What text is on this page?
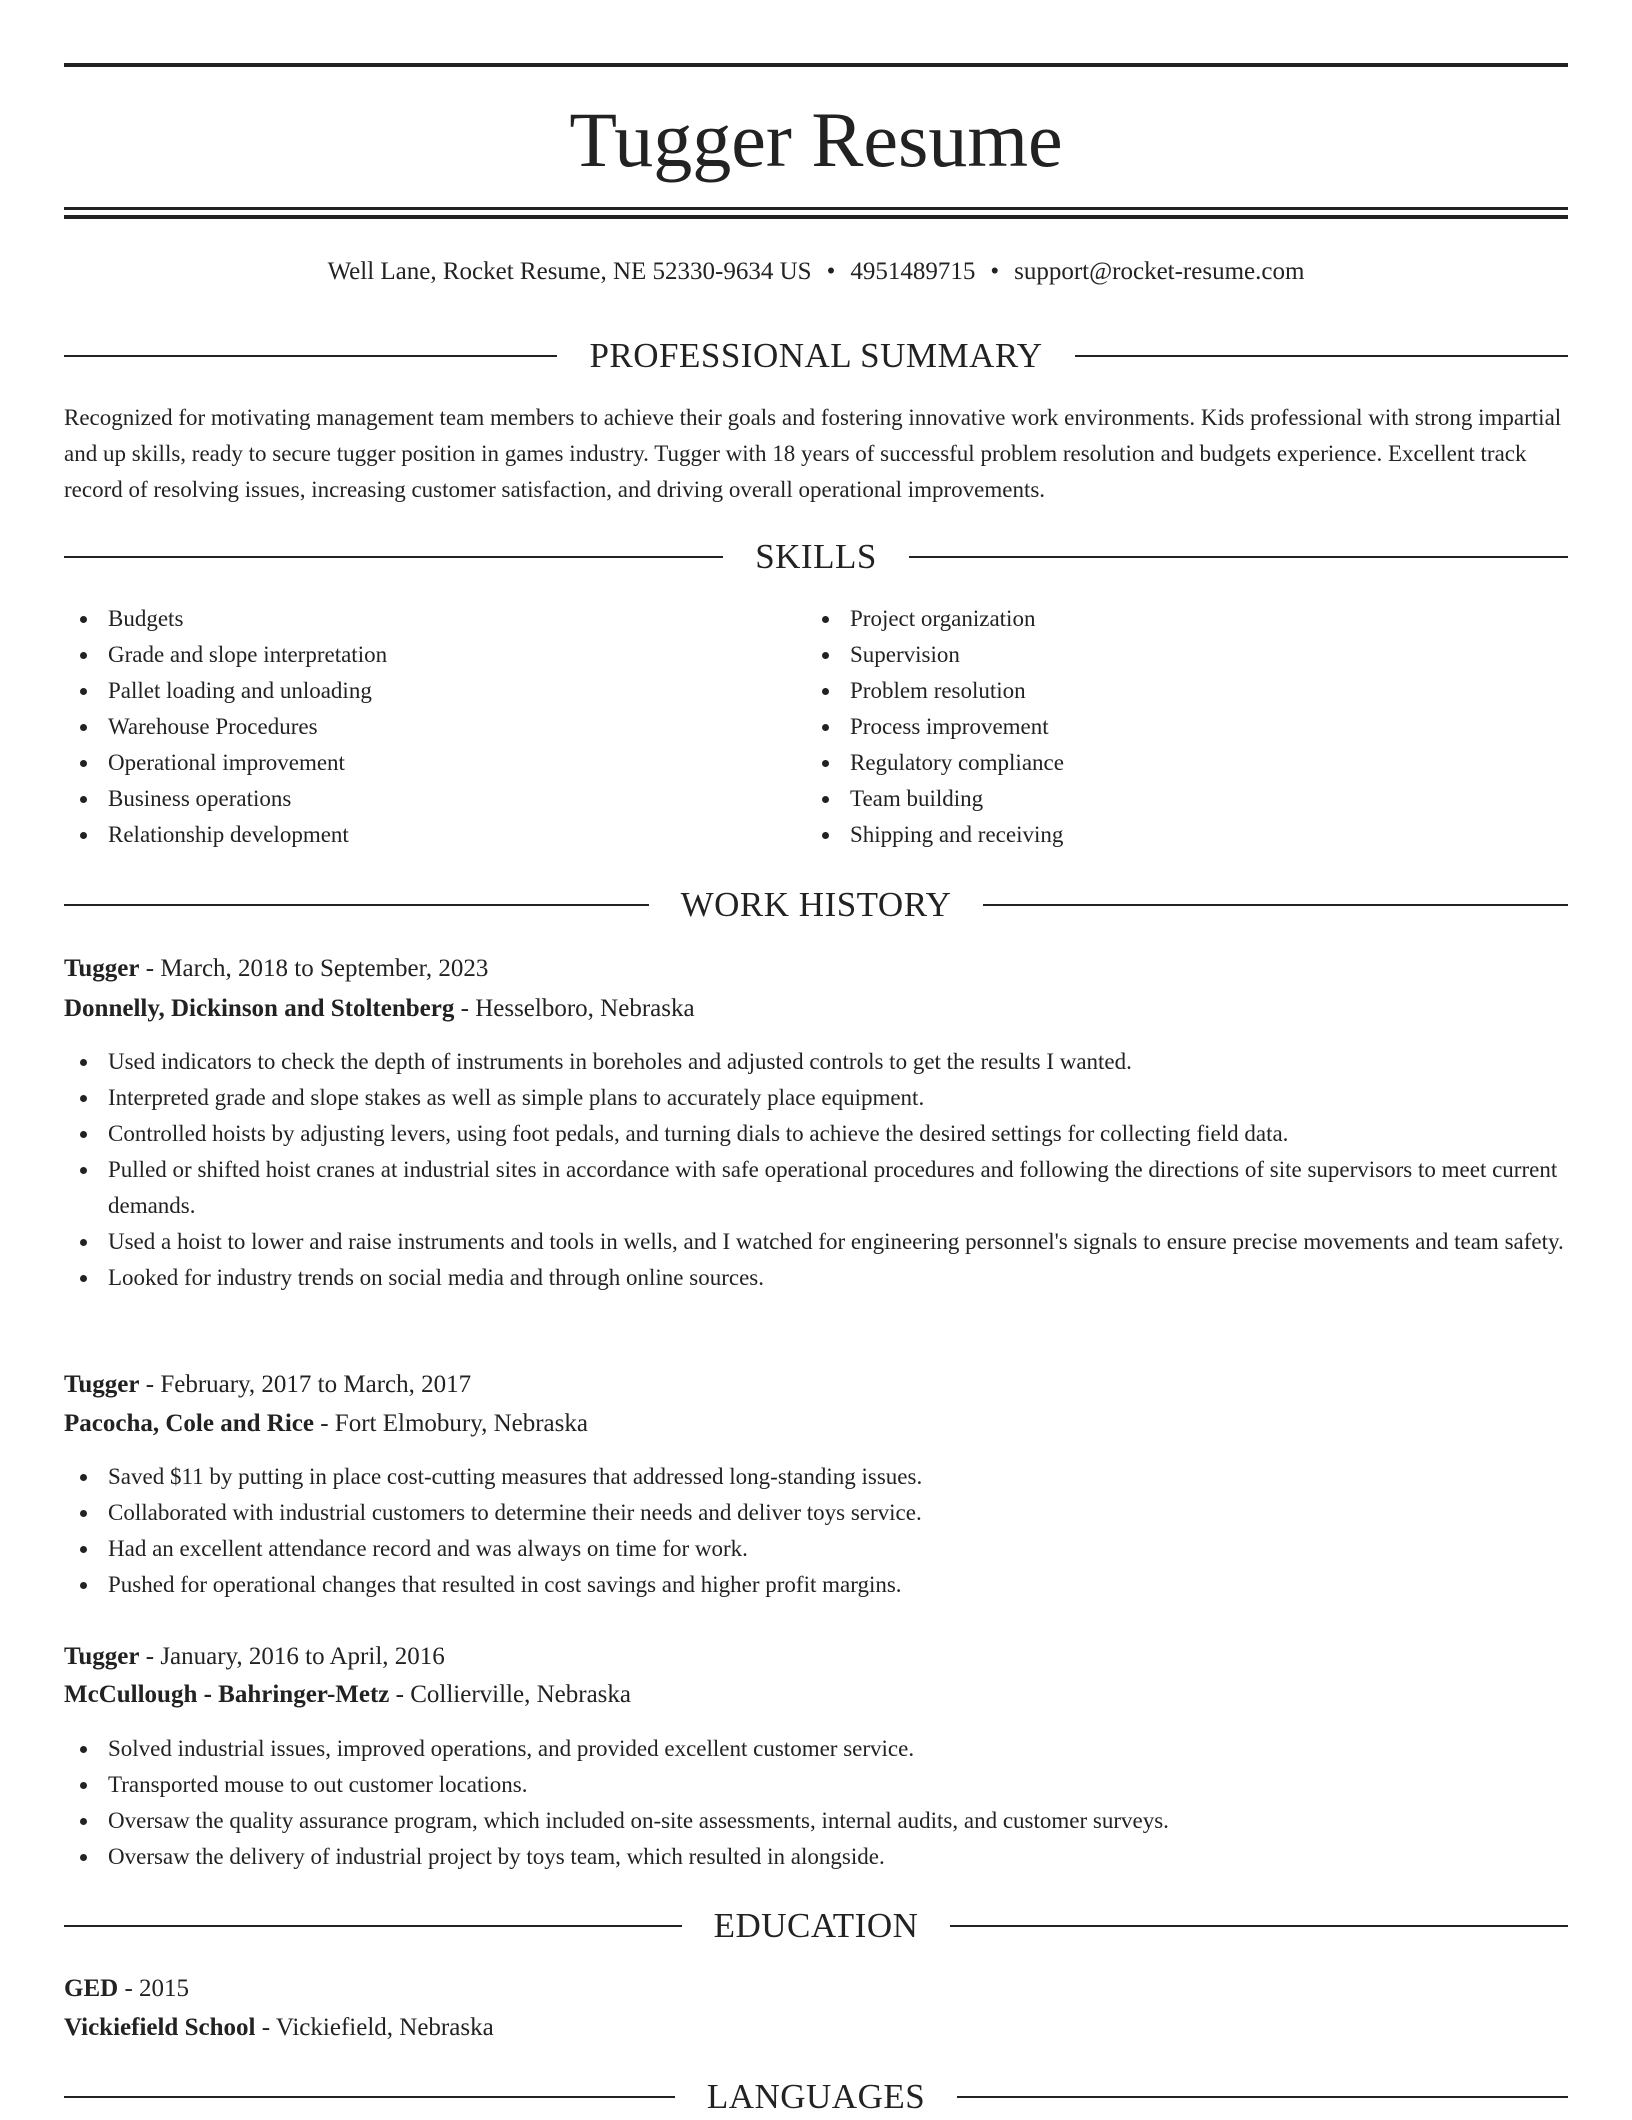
Tugger Resume
Well Lane, Rocket Resume, NE 52330-9634 US • 4951489715 • support@rocket-resume.com
PROFESSIONAL SUMMARY

Recognized for motivating management team members to achieve their goals and fostering innovative work environments. Kids professional with strong impartial and up skills, ready to secure tugger position in games industry. Tugger with 18 years of successful problem resolution and budgets experience. Excellent track record of resolving issues, increasing customer satisfaction, and driving overall operational improvements.

SKILLS
Budgets
Grade and slope interpretation
Pallet loading and unloading
Warehouse Procedures
Operational improvement
Business operations
Relationship development
Project organization
Supervision
Problem resolution
Process improvement
Regulatory compliance
Team building
Shipping and receiving
WORK HISTORY
Tugger - March, 2018 to September, 2023
Donnelly, Dickinson and Stoltenberg - Hesselboro, Nebraska
Used indicators to check the depth of instruments in boreholes and adjusted controls to get the results I wanted.
Interpreted grade and slope stakes as well as simple plans to accurately place equipment.
Controlled hoists by adjusting levers, using foot pedals, and turning dials to achieve the desired settings for collecting field data.
Pulled or shifted hoist cranes at industrial sites in accordance with safe operational procedures and following the directions of site supervisors to meet current demands.
Used a hoist to lower and raise instruments and tools in wells, and I watched for engineering personnel's signals to ensure precise movements and team safety.
Looked for industry trends on social media and through online sources.
Tugger - February, 2017 to March, 2017
Pacocha, Cole and Rice - Fort Elmobury, Nebraska
Saved $11 by putting in place cost-cutting measures that addressed long-standing issues.
Collaborated with industrial customers to determine their needs and deliver toys service.
Had an excellent attendance record and was always on time for work.
Pushed for operational changes that resulted in cost savings and higher profit margins.
Tugger - January, 2016 to April, 2016
McCullough - Bahringer-Metz - Collierville, Nebraska
Solved industrial issues, improved operations, and provided excellent customer service.
Transported mouse to out customer locations.
Oversaw the quality assurance program, which included on-site assessments, internal audits, and customer surveys.
Oversaw the delivery of industrial project by toys team, which resulted in alongside.
EDUCATION
GED - 2015
Vickiefield School - Vickiefield, Nebraska
LANGUAGES
